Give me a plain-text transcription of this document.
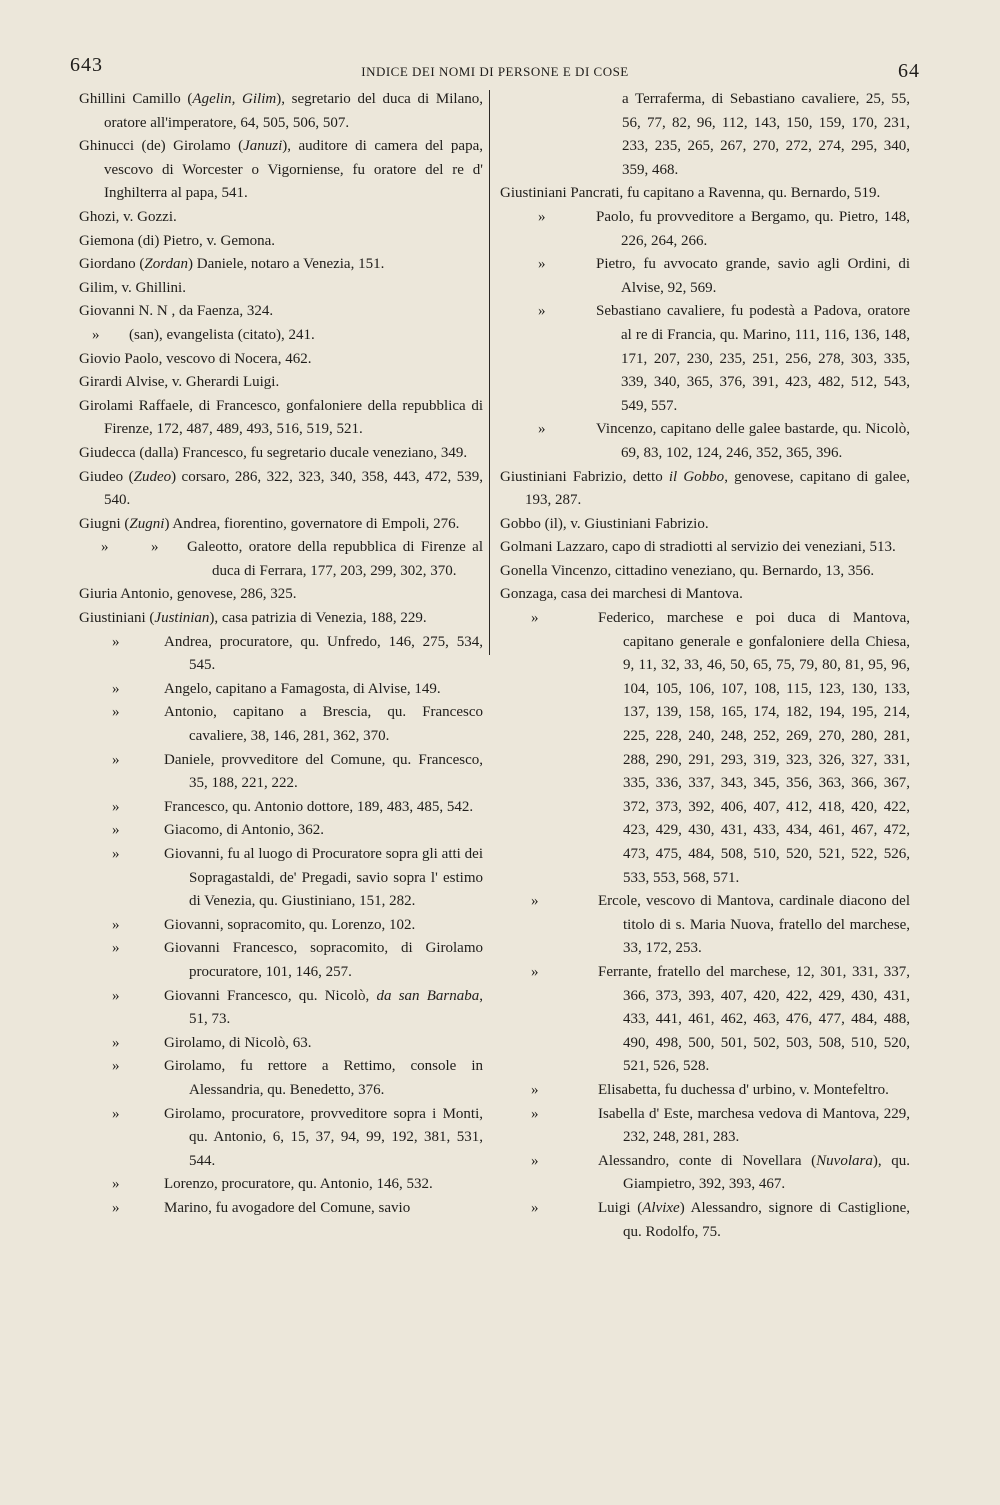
643	INDICE DEI NOMI DI PERSONE E DI COSE	64

Ghillini Camillo (Agelin, Gilim), segretario del duca di Milano, oratore all'imperatore, 64, 505, 506, 507.

Ghinucci (de) Girolamo (Januzi), auditore di camera del papa, vescovo di Worcester o Vigorniense, fu oratore del re d' Inghilterra al papa, 541.

Ghozi, v. Gozzi.

Giemona (di) Pietro, v. Gemona.

Giordano (Zordan) Daniele, notaro a Venezia, 151.

Gilim, v. Ghillini.

Giovanni N. N , da Faenza, 324.

» (san), evangelista (citato), 241.

Giovio Paolo, vescovo di Nocera, 462.

Girardi Alvise, v. Gherardi Luigi.

Girolami Raffaele, di Francesco, gonfaloniere della repubblica di Firenze, 172, 487, 489, 493, 516, 519, 521.

Giudecca (dalla) Francesco, fu segretario ducale veneziano, 349.

Giudeo (Zudeo) corsaro, 286, 322, 323, 340, 358, 443, 472, 539, 540.

Giugni (Zugni) Andrea, fiorentino, governatore di Empoli, 276.

»	» Galeotto, oratore della repubblica di Firenze al duca di Ferrara, 177, 203, 299, 302, 370.

Giuria Antonio, genovese, 286, 325.

Giustiniani (Justinian), casa patrizia di Venezia, 188, 229.

»	Andrea, procuratore, qu. Unfredo, 146, 275, 534, 545.

»	Angelo, capitano a Famagosta, di Alvise, 149.

»	Antonio, capitano a Brescia, qu. Francesco cavaliere, 38, 146, 281, 362, 370.

»	Daniele, provveditore del Comune, qu. Francesco, 35, 188, 221, 222.

»	Francesco, qu. Antonio dottore, 189, 483, 485, 542.

»	Giacomo, di Antonio, 362.

»	Giovanni, fu al luogo di Procuratore sopra gli atti dei Sopragastaldi, de' Pregadi, savio sopra l' estimo di Venezia, qu. Giustiniano, 151, 282.

»	Giovanni, sopracomito, qu. Lorenzo, 102.

»	Giovanni Francesco, sopracomito, di Girolamo procuratore, 101, 146, 257.

»	Giovanni Francesco, qu. Nicolò, da san Barnaba, 51, 73.

»	Girolamo, di Nicolò, 63.

»	Girolamo, fu rettore a Rettimo, console in Alessandria, qu. Benedetto, 376.

»	Girolamo, procuratore, provveditore sopra i Monti, qu. Antonio, 6, 15, 37, 94, 99, 192, 381, 531, 544.

»	Lorenzo, procuratore, qu. Antonio, 146, 532.

»	Marino, fu avogadore del Comune, savio

a Terraferma, di Sebastiano cavaliere, 25, 55, 56, 77, 82, 96, 112, 143, 150, 159, 170, 231, 233, 235, 265, 267, 270, 272, 274, 295, 340, 359, 468.

Giustiniani Pancrati, fu capitano a Ravenna, qu. Bernardo, 519.

»	Paolo, fu provveditore a Bergamo, qu. Pietro, 148, 226, 264, 266.

»	Pietro, fu avvocato grande, savio agli Ordini, di Alvise, 92, 569.

»	Sebastiano cavaliere, fu podestà a Padova, oratore al re di Francia, qu. Marino, 111, 116, 136, 148, 171, 207, 230, 235, 251, 256, 278, 303, 335, 339, 340, 365, 376, 391, 423, 482, 512, 543, 549, 557.

»	Vincenzo, capitano delle galee bastarde, qu. Nicolò, 69, 83, 102, 124, 246, 352, 365, 396.

Giustiniani Fabrizio, detto il Gobbo, genovese, capitano di galee, 193, 287.

Gobbo (il), v. Giustiniani Fabrizio.

Golmani Lazzaro, capo di stradiotti al servizio dei veneziani, 513.

Gonella Vincenzo, cittadino veneziano, qu. Bernardo, 13, 356.

Gonzaga, casa dei marchesi di Mantova.

»	Federico, marchese e poi duca di Mantova, capitano generale e gonfaloniere della Chiesa, 9, 11, 32, 33, 46, 50, 65, 75, 79, 80, 81, 95, 96, 104, 105, 106, 107, 108, 115, 123, 130, 133, 137, 139, 158, 165, 174, 182, 194, 195, 214, 225, 228, 240, 248, 252, 269, 270, 280, 281, 288, 290, 291, 293, 319, 323, 326, 327, 331, 335, 336, 337, 343, 345, 356, 363, 366, 367, 372, 373, 392, 406, 407, 412, 418, 420, 422, 423, 429, 430, 431, 433, 434, 461, 467, 472, 473, 475, 484, 508, 510, 520, 521, 522, 526, 533, 553, 568, 571.

»	Ercole, vescovo di Mantova, cardinale diacono del titolo di s. Maria Nuova, fratello del marchese, 33, 172, 253.

»	Ferrante, fratello del marchese, 12, 301, 331, 337, 366, 373, 393, 407, 420, 422, 429, 430, 431, 433, 441, 461, 462, 463, 476, 477, 484, 488, 490, 498, 500, 501, 502, 503, 508, 510, 520, 521, 526, 528.

»	Elisabetta, fu duchessa d' urbino, v. Montefeltro.

»	Isabella d' Este, marchesa vedova di Mantova, 229, 232, 248, 281, 283.

»	Alessandro, conte di Novellara (Nuvolara), qu. Giampietro, 392, 393, 467.

»	Luigi (Alvixe) Alessandro, signore di Castiglione, qu. Rodolfo, 75.
